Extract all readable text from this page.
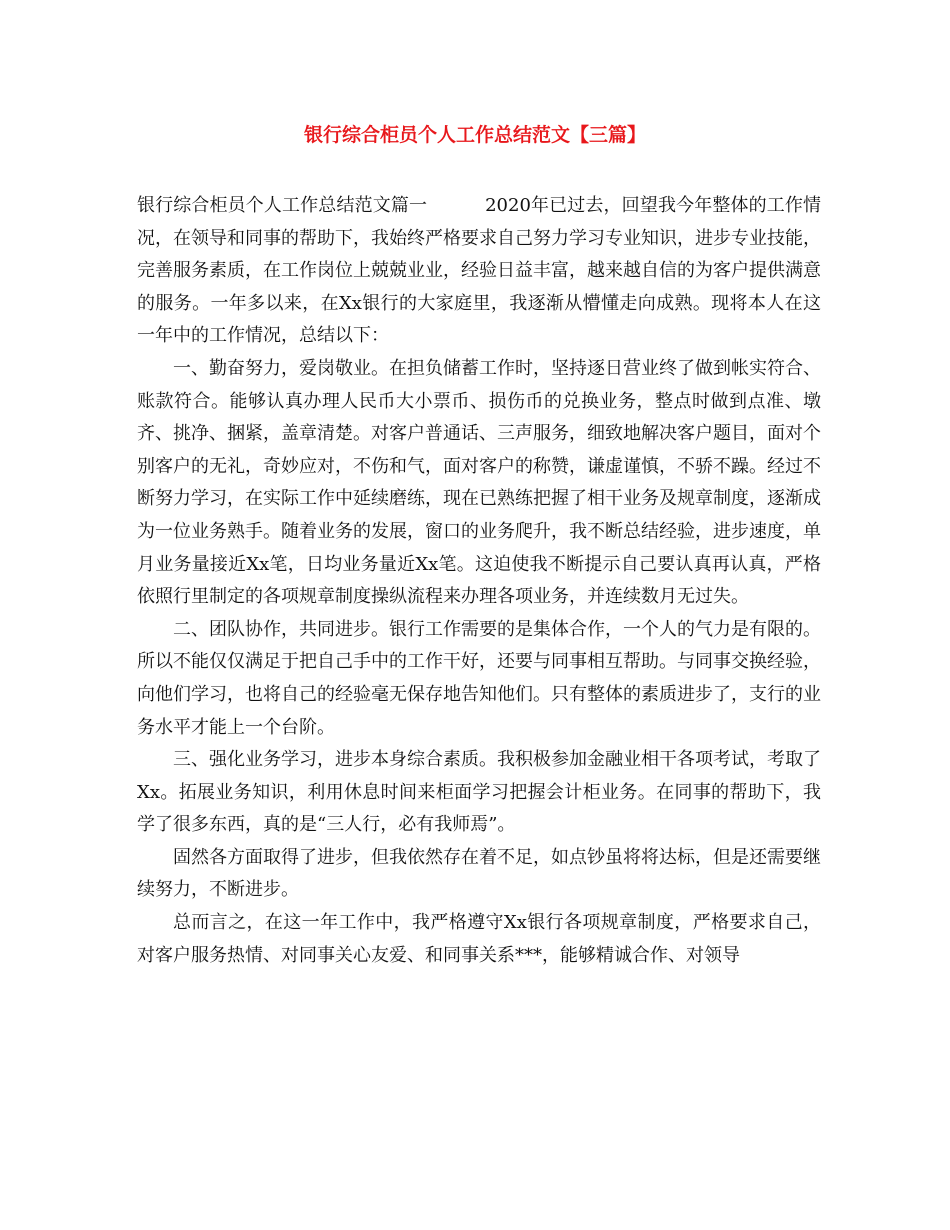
银行综合柜员个人工作总结范文【三篇】

银行综合柜员个人工作总结范文篇一	2020年已过去，回望我今年整体的工作情况，在领导和同事的帮助下，我始终严格要求自己努力学习专业知识，进步专业技能，完善服务素质，在工作岗位上兢兢业业，经验日益丰富，越来越自信的为客户提供满意的服务。一年多以来，在Xx银行的大家庭里，我逐渐从懵懂走向成熟。现将本人在这一年中的工作情况，总结以下：

一、勤奋努力，爱岗敬业。在担负储蓄工作时，坚持逐日营业终了做到帐实符合、账款符合。能够认真办理人民币大小票币、损伤币的兑换业务，整点时做到点准、墩齐、挑净、捆紧，盖章清楚。对客户普通话、三声服务，细致地解决客户题目，面对个别客户的无礼，奇妙应对，不伤和气，面对客户的称赞，谦虚谨慎，不骄不躁。经过不断努力学习，在实际工作中延续磨练，现在已熟练把握了相干业务及规章制度，逐渐成为一位业务熟手。随着业务的发展，窗口的业务爬升，我不断总结经验，进步速度，单月业务量接近Xx笔，日均业务量近Xx笔。这迫使我不断提示自己要认真再认真，严格依照行里制定的各项规章制度操纵流程来办理各项业务，并连续数月无过失。

二、团队协作，共同进步。银行工作需要的是集体合作，一个人的气力是有限的。所以不能仅仅满足于把自己手中的工作干好，还要与同事相互帮助。与同事交换经验，向他们学习，也将自己的经验毫无保存地告知他们。只有整体的素质进步了，支行的业务水平才能上一个台阶。

三、强化业务学习，进步本身综合素质。我积极参加金融业相干各项考试，考取了Xx。拓展业务知识，利用休息时间来柜面学习把握会计柜业务。在同事的帮助下，我学了很多东西，真的是“三人行，必有我师焉”。

固然各方面取得了进步，但我依然存在着不足，如点钞虽将将达标，但是还需要继续努力，不断进步。

总而言之，在这一年工作中，我严格遵守Xx银行各项规章制度，严格要求自己，对客户服务热情、对同事关心友爱、和同事关系***，能够精诚合作、对领导
